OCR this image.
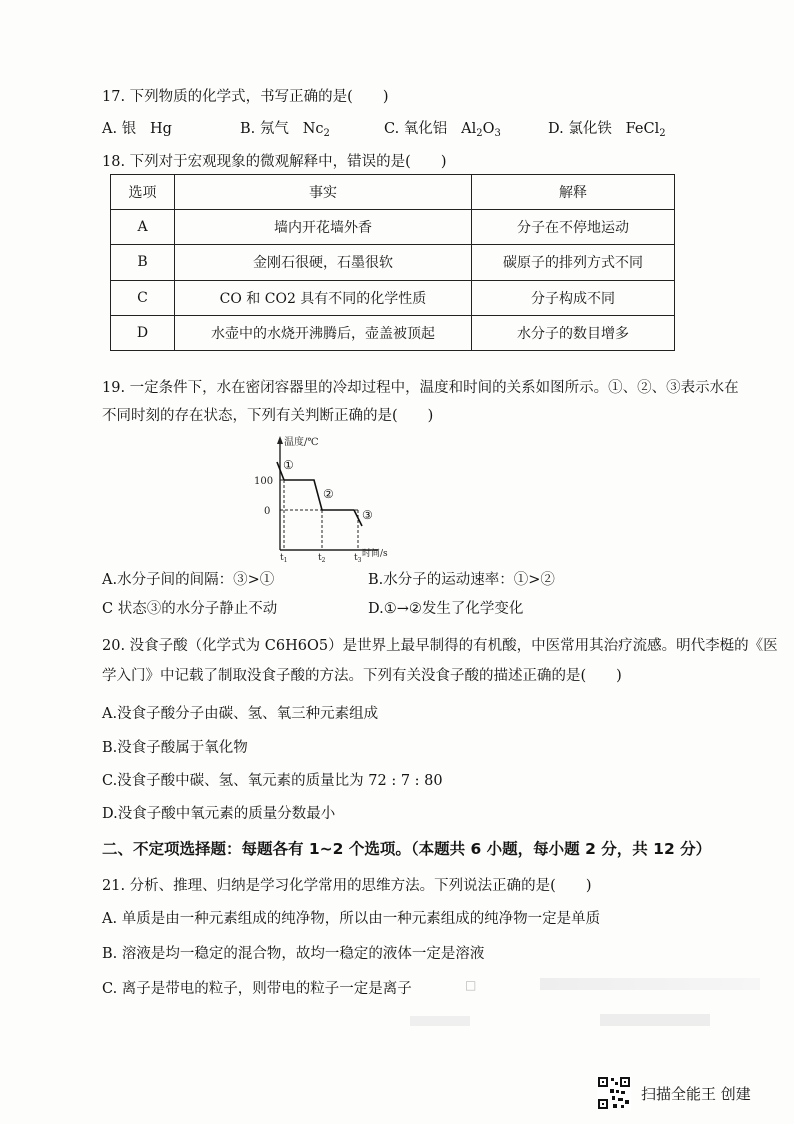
17. 下列物质的化学式，书写正确的是( )
A. 银 Hg	B. 氖气 $Nc_2$	C. 氧化铝 $Al_2O_3$	D. 氯化铁 FeCl$_2$
18. 下列对于宏观现象的微观解释中，错误的是( )
选项	事实	解释
A	墙内开花墙外香	分子在不停地运动
B	金刚石很硬，石墨很软	碳原子的排列方式不同
C	CO 和 CO2 具有不同的化学性质	分子构成不同
D	水壶中的水烧开沸腾后，壶盖被顶起	水分子的数目增多
19. 一定条件下，水在密闭容器里的冷却过程中，温度和时间的关系如图所示。①、②、③表示水在
不同时刻的存在状态，下列有关判断正确的是( )
温度/℃
时间/s
100
0
①
②
③
$t_1$	$t_2$	$t_3$
A.水分子间的间隔：③>①	B.水分子的运动速率：①>②
C 状态③的水分子静止不动	D.①→②发生了化学变化
20. 没食子酸（化学式为 C6H6O5）是世界上最早制得的有机酸，中医常用其治疗流感。明代李梃的《医
学入门》中记载了制取没食子酸的方法。下列有关没食子酸的描述正确的是( )
A.没食子酸分子由碳、氢、氧三种元素组成
B.没食子酸属于氧化物
C.没食子酸中碳、氢、氧元素的质量比为 72 : 7 : 80
D.没食子酸中氧元素的质量分数最小
二、不定项选择题：每题各有 1~2 个选项。（本题共 6 小题，每小题 2 分，共 12 分）
21. 分析、推理、归纳是学习化学常用的思维方法。下列说法正确的是( )
A. 单质是由一种元素组成的纯净物，所以由一种元素组成的纯净物一定是单质
B. 溶液是均一稳定的混合物，故均一稳定的液体一定是溶液
C. 离子是带电的粒子，则带电的粒子一定是离子	□
扫描全能王 创建
